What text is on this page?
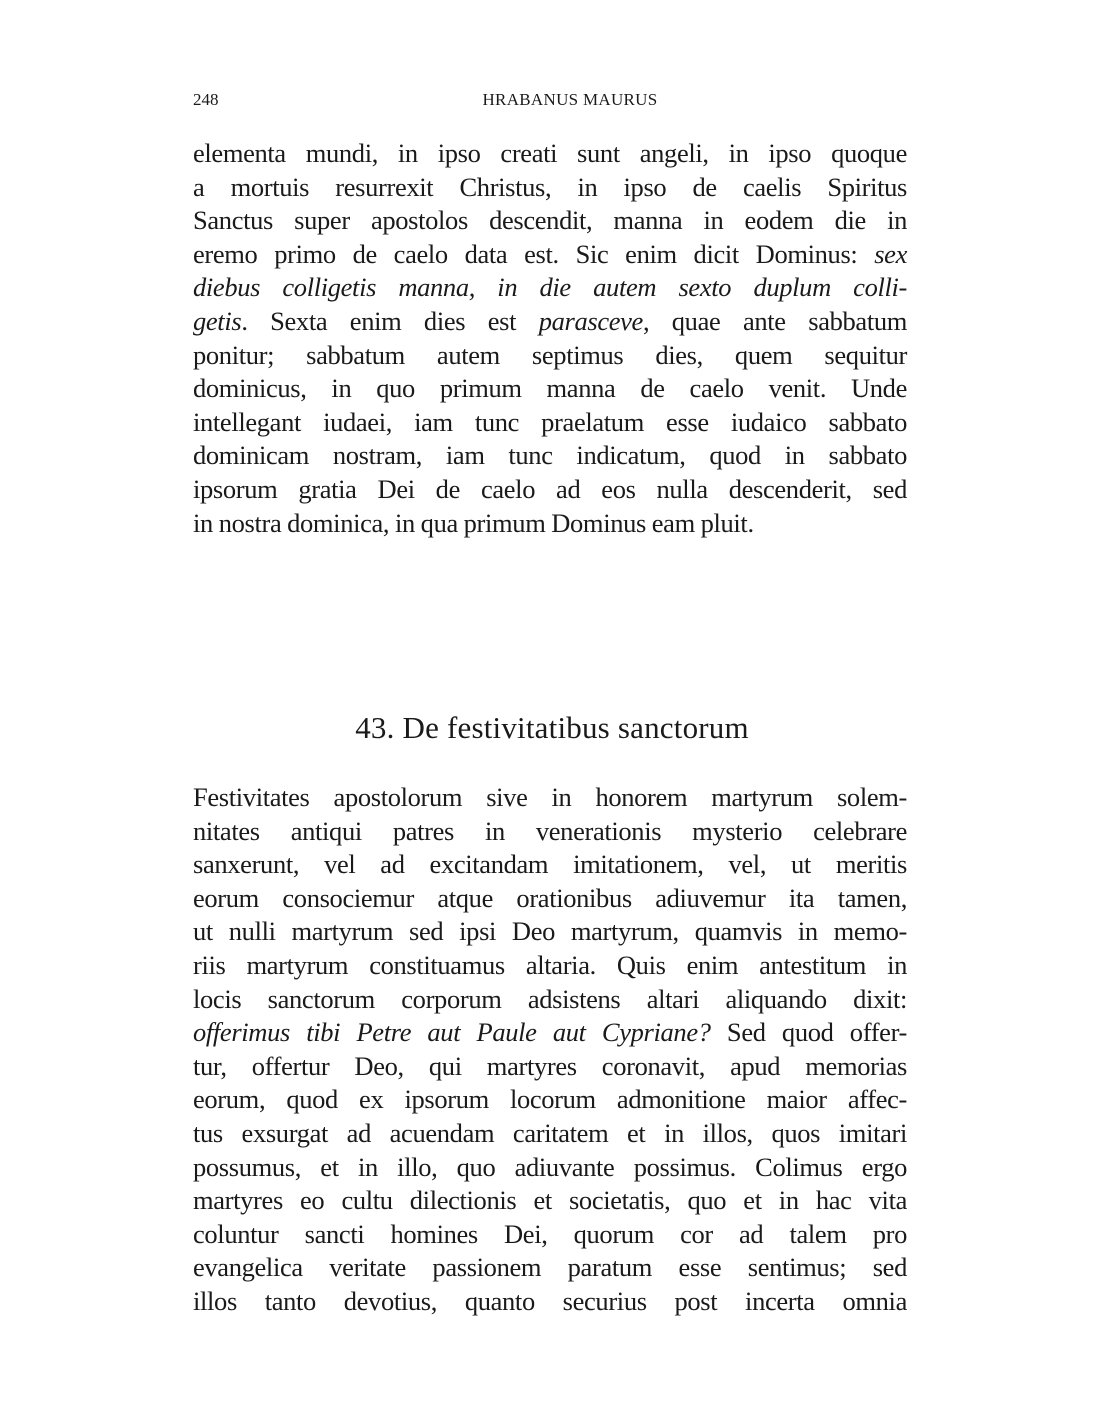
248	HRABANUS MAURUS
elementa mundi, in ipso creati sunt angeli, in ipso quoque
a mortuis resurrexit Christus, in ipso de caelis Spiritus
Sanctus super apostolos descendit, manna in eodem die in
eremo primo de caelo data est. Sic enim dicit Dominus: sex
diebus colligetis manna, in die autem sexto duplum colli-
getis. Sexta enim dies est parasceve, quae ante sabbatum
ponitur; sabbatum autem septimus dies, quem sequitur
dominicus, in quo primum manna de caelo venit. Unde
intellegant iudaei, iam tunc praelatum esse iudaico sabbato
dominicam nostram, iam tunc indicatum, quod in sabbato
ipsorum gratia Dei de caelo ad eos nulla descenderit, sed
in nostra dominica, in qua primum Dominus eam pluit.
43. De festivitatibus sanctorum
Festivitates apostolorum sive in honorem martyrum solem-
nitates antiqui patres in venerationis mysterio celebrare
sanxerunt, vel ad excitandam imitationem, vel, ut meritis
eorum consociemur atque orationibus adiuvemur ita tamen,
ut nulli martyrum sed ipsi Deo martyrum, quamvis in memo-
riis martyrum constituamus altaria. Quis enim antestitum in
locis sanctorum corporum adsistens altari aliquando dixit:
offerimus tibi Petre aut Paule aut Cypriane? Sed quod offer-
tur, offertur Deo, qui martyres coronavit, apud memorias
eorum, quod ex ipsorum locorum admonitione maior affec-
tus exsurgat ad acuendam caritatem et in illos, quos imitari
possumus, et in illo, quo adiuvante possimus. Colimus ergo
martyres eo cultu dilectionis et societatis, quo et in hac vita
coluntur sancti homines Dei, quorum cor ad talem pro
evangelica veritate passionem paratum esse sentimus; sed
illos tanto devotius, quanto securius post incerta omnia
